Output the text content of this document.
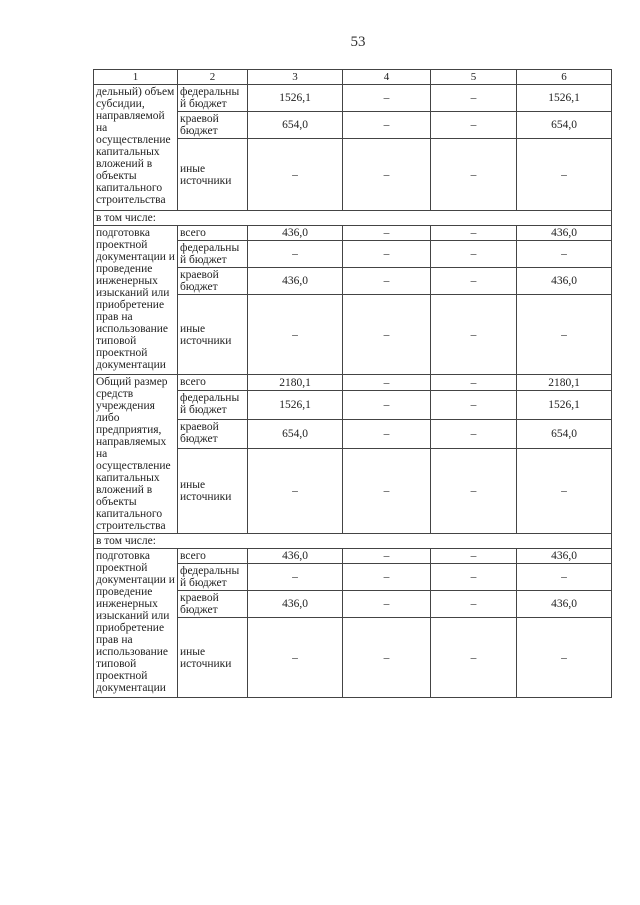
53
1	2	3	4	5	6
дельный) объем субсидии, направляемой на осуществление капитальных вложений в объекты капитального строительства	федеральный бюджет	1526,1	–	–	1526,1
	краевой бюджет	654,0	–	–	654,0
	иные источники	–	–	–	–
в том числе:					
подготовка проектной документации и проведение инженерных изысканий или приобретение прав на использование типовой проектной документации	всего	436,0	–	–	436,0
	федеральный бюджет	–	–	–	–
	краевой бюджет	436,0	–	–	436,0
	иные источники	–	–	–	–
Общий размер средств учреждения либо предприятия, направляемых на осуществление капитальных вложений в объекты капитального строительства	всего	2180,1	–	–	2180,1
	федеральный бюджет	1526,1	–	–	1526,1
	краевой бюджет	654,0	–	–	654,0
	иные источники	–	–	–	–
в том числе:					
подготовка проектной документации и проведение инженерных изысканий или приобретение прав на использование типовой проектной документации	всего	436,0	–	–	436,0
	федеральный бюджет	–	–	–	–
	краевой бюджет	436,0	–	–	436,0
	иные источники	–	–	–	–
